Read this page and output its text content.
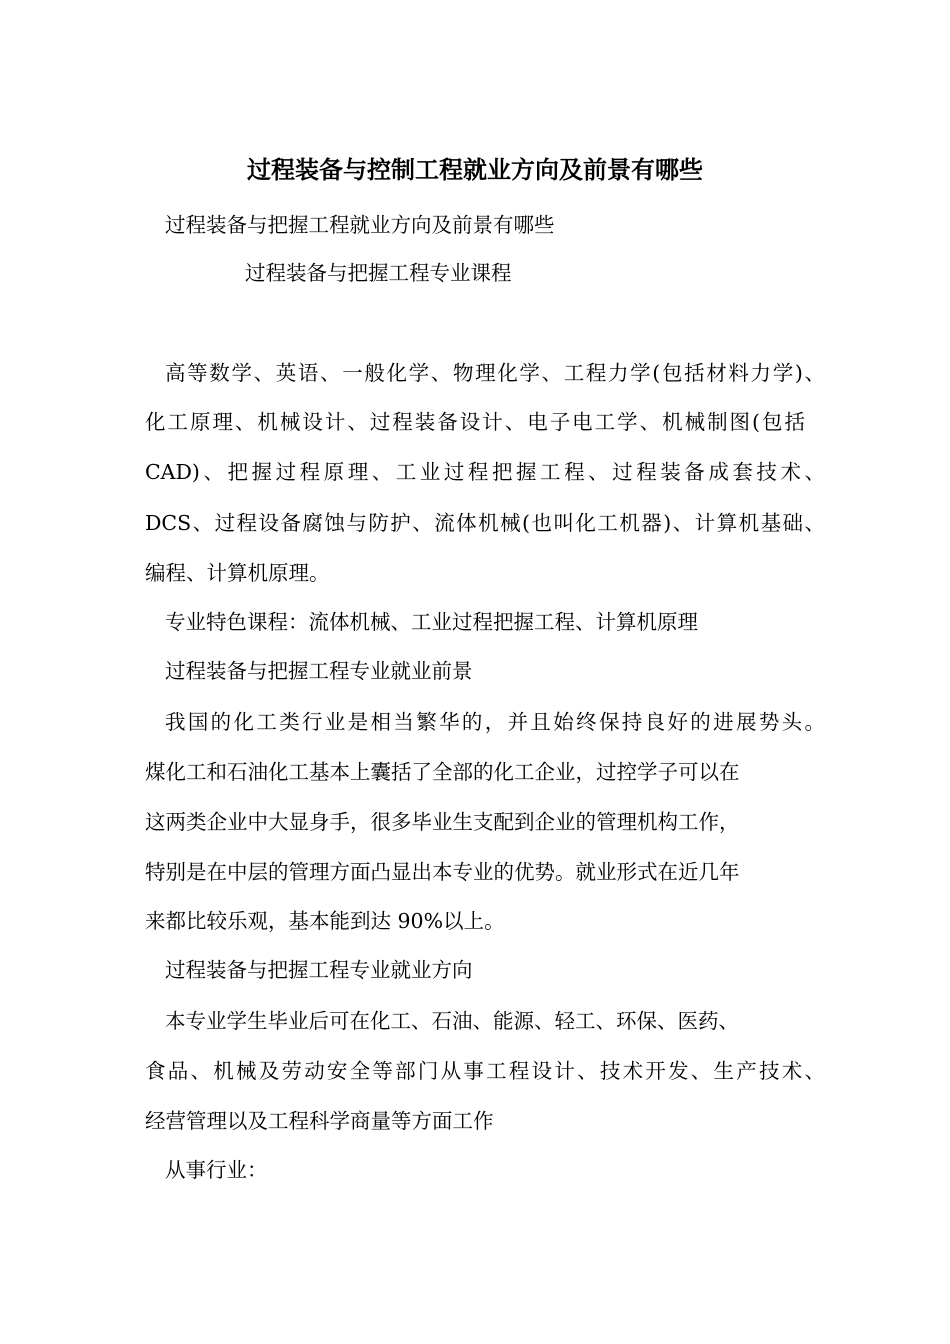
过程装备与控制工程就业方向及前景有哪些
过程装备与把握工程就业方向及前景有哪些
过程装备与把握工程专业课程
高等数学、英语、一般化学、物理化学、工程力学(包括材料力学)、
化工原理、机械设计、过程装备设计、电子电工学、机械制图(包括
CAD)、把握过程原理、工业过程把握工程、过程装备成套技术、
DCS、过程设备腐蚀与防护、流体机械(也叫化工机器)、计算机基础、
编程、计算机原理。
专业特色课程：流体机械、工业过程把握工程、计算机原理
过程装备与把握工程专业就业前景
我国的化工类行业是相当繁华的，并且始终保持良好的进展势头。
煤化工和石油化工基本上囊括了全部的化工企业，过控学子可以在
这两类企业中大显身手，很多毕业生支配到企业的管理机构工作，
特别是在中层的管理方面凸显出本专业的优势。就业形式在近几年
来都比较乐观，基本能到达 90%以上。
过程装备与把握工程专业就业方向
本专业学生毕业后可在化工、石油、能源、轻工、环保、医药、
食品、机械及劳动安全等部门从事工程设计、技术开发、生产技术、
经营管理以及工程科学商量等方面工作
从事行业：
